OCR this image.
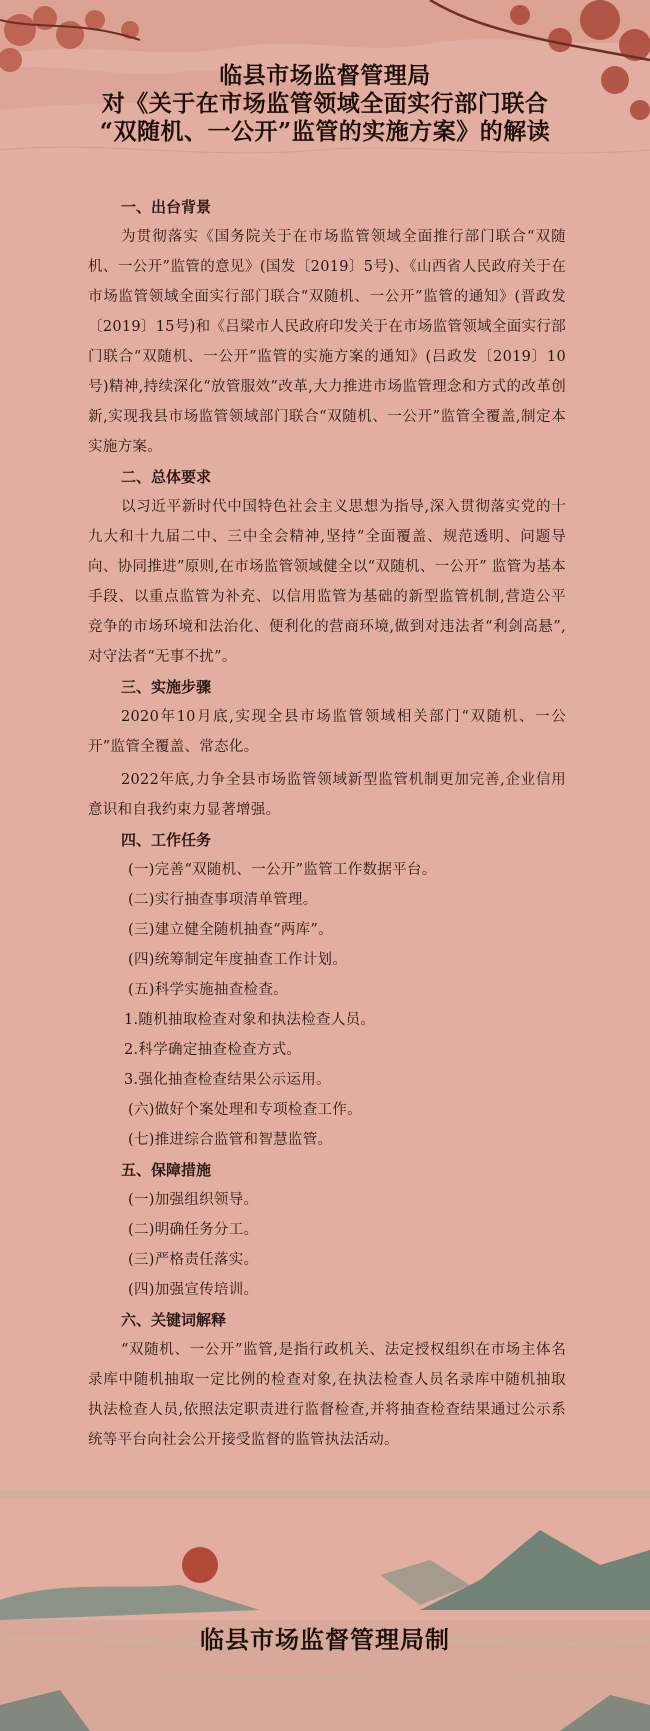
临县市场监督管理局
对《关于在市场监管领域全面实行部门联合
“双随机、一公开”监管的实施方案》的解读
一、出台背景
为贯彻落实《国务院关于在市场监管领域全面推行部门联合“双随机、一公开”监管的意见》(国发〔2019〕5号)、《山西省人民政府关于在市场监管领域全面实行部门联合“双随机、一公开”监管的通知》(晋政发〔2019〕15号)和《吕梁市人民政府印发关于在市场监管领域全面实行部门联合“双随机、一公开”监管的实施方案的通知》(吕政发〔2019〕10号)精神,持续深化“放管服效”改革,大力推进市场监管理念和方式的改革创新,实现我县市场监管领域部门联合“双随机、一公开”监管全覆盖,制定本实施方案。
二、总体要求
以习近平新时代中国特色社会主义思想为指导,深入贯彻落实党的十九大和十九届二中、三中全会精神,坚持“全面覆盖、规范透明、问题导向、协同推进”原则,在市场监管领域健全以“双随机、一公开” 监管为基本手段、以重点监管为补充、以信用监管为基础的新型监管机制,营造公平竞争的市场环境和法治化、便利化的营商环境,做到对违法者“利剑高悬”,对守法者“无事不扰”。
三、实施步骤
2020年10月底,实现全县市场监管领域相关部门“双随机、一公开”监管全覆盖、常态化。
2022年底,力争全县市场监管领域新型监管机制更加完善,企业信用意识和自我约束力显著增强。
四、工作任务
(一)完善“双随机、一公开”监管工作数据平台。
(二)实行抽查事项清单管理。
(三)建立健全随机抽查“两库”。
(四)统筹制定年度抽查工作计划。
(五)科学实施抽查检查。
1.随机抽取检查对象和执法检查人员。
2.科学确定抽查检查方式。
3.强化抽查检查结果公示运用。
(六)做好个案处理和专项检查工作。
(七)推进综合监管和智慧监管。
五、保障措施
(一)加强组织领导。
(二)明确任务分工。
(三)严格责任落实。
(四)加强宣传培训。
六、关键词解释
“双随机、一公开”监管,是指行政机关、法定授权组织在市场主体名录库中随机抽取一定比例的检查对象,在执法检查人员名录库中随机抽取执法检查人员,依照法定职责进行监督检查,并将抽查检查结果通过公示系统等平台向社会公开接受监督的监管执法活动。
临县市场监督管理局制
